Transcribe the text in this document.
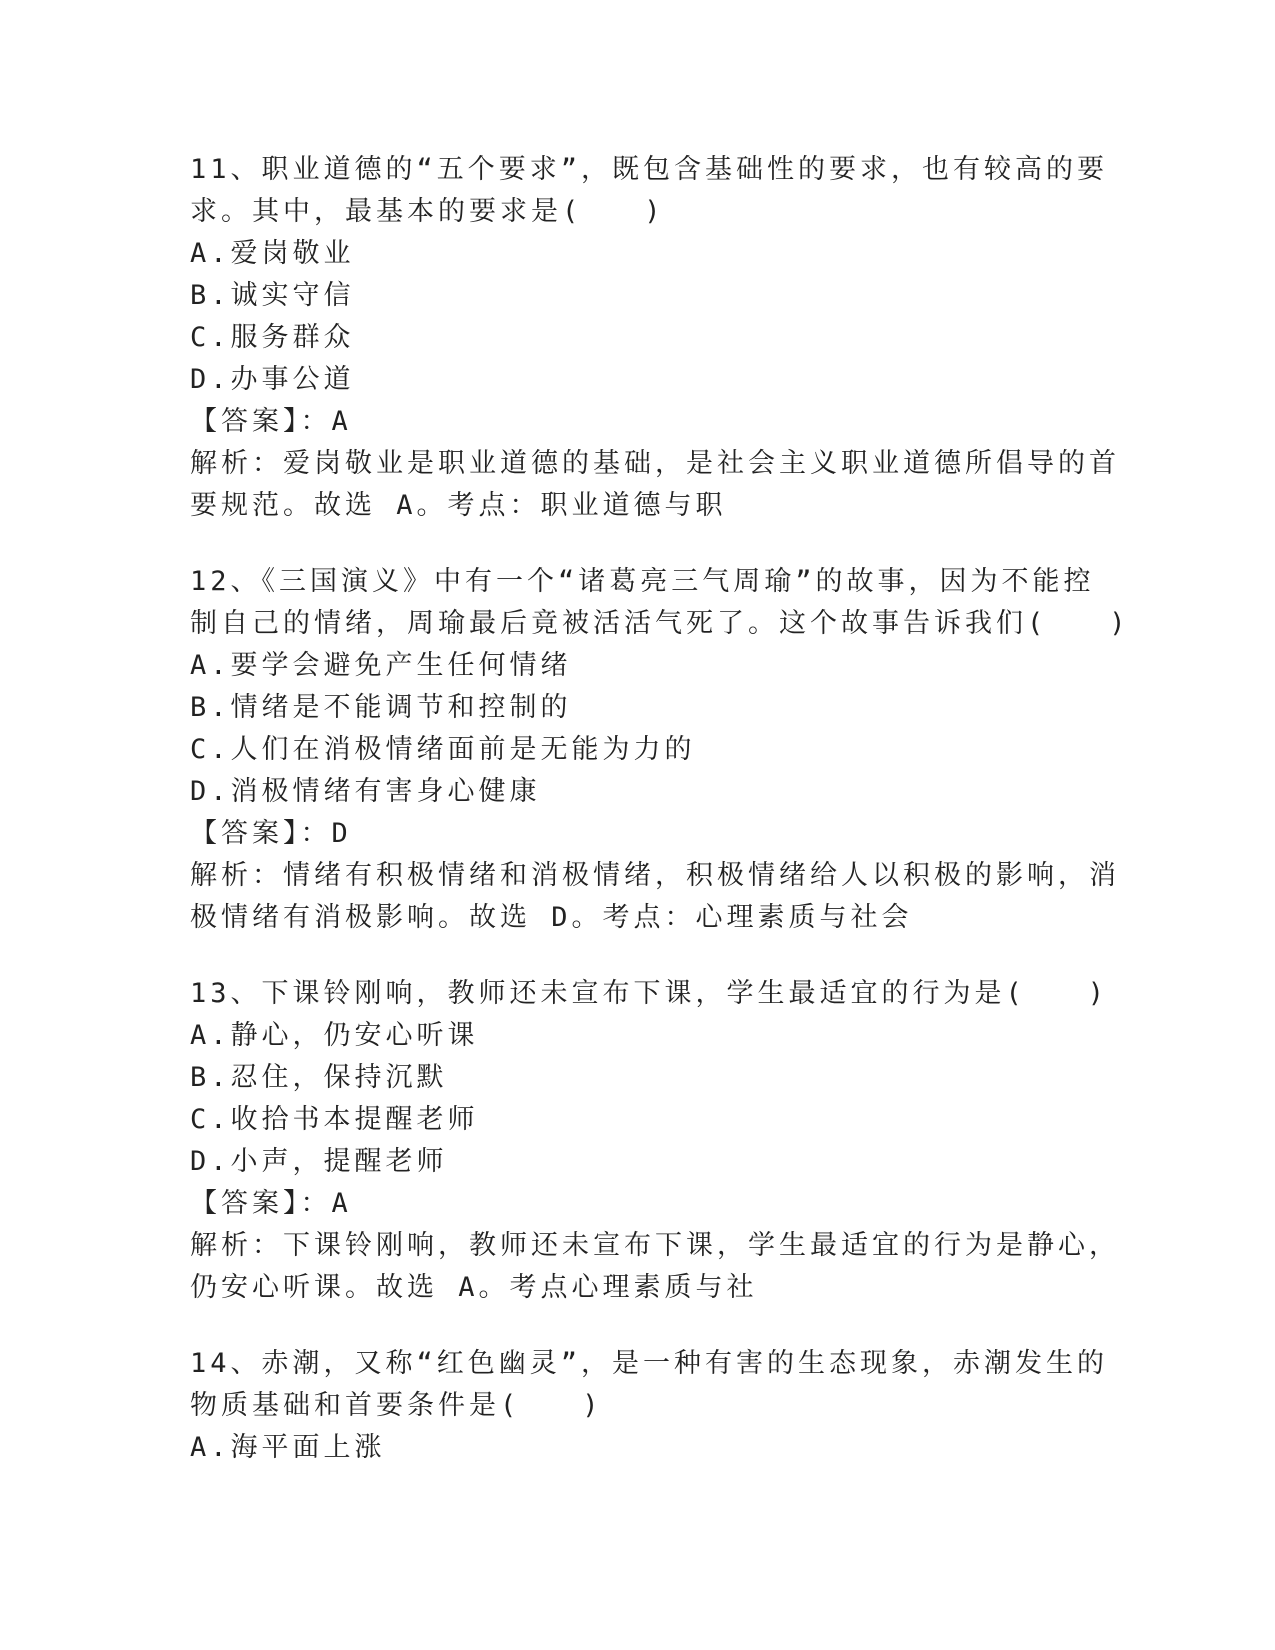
11、职业道德的“五个要求”，既包含基础性的要求，也有较高的要
求。其中，最基本的要求是(　　)
A.爱岗敬业
B.诚实守信
C.服务群众
D.办事公道
【答案】：A
解析：爱岗敬业是职业道德的基础，是社会主义职业道德所倡导的首
要规范。故选 A。考点：职业道德与职
12、《三国演义》中有一个“诸葛亮三气周瑜”的故事，因为不能控
制自己的情绪，周瑜最后竟被活活气死了。这个故事告诉我们(　　)
A.要学会避免产生任何情绪
B.情绪是不能调节和控制的
C.人们在消极情绪面前是无能为力的
D.消极情绪有害身心健康
【答案】：D
解析：情绪有积极情绪和消极情绪，积极情绪给人以积极的影响，消
极情绪有消极影响。故选 D。考点：心理素质与社会
13、下课铃刚响，教师还未宣布下课，学生最适宜的行为是(　　)
A.静心，仍安心听课
B.忍住，保持沉默
C.收拾书本提醒老师
D.小声，提醒老师
【答案】：A
解析：下课铃刚响，教师还未宣布下课，学生最适宜的行为是静心，
仍安心听课。故选 A。考点心理素质与社
14、赤潮，又称“红色幽灵”，是一种有害的生态现象，赤潮发生的
物质基础和首要条件是(　　)
A.海平面上涨
